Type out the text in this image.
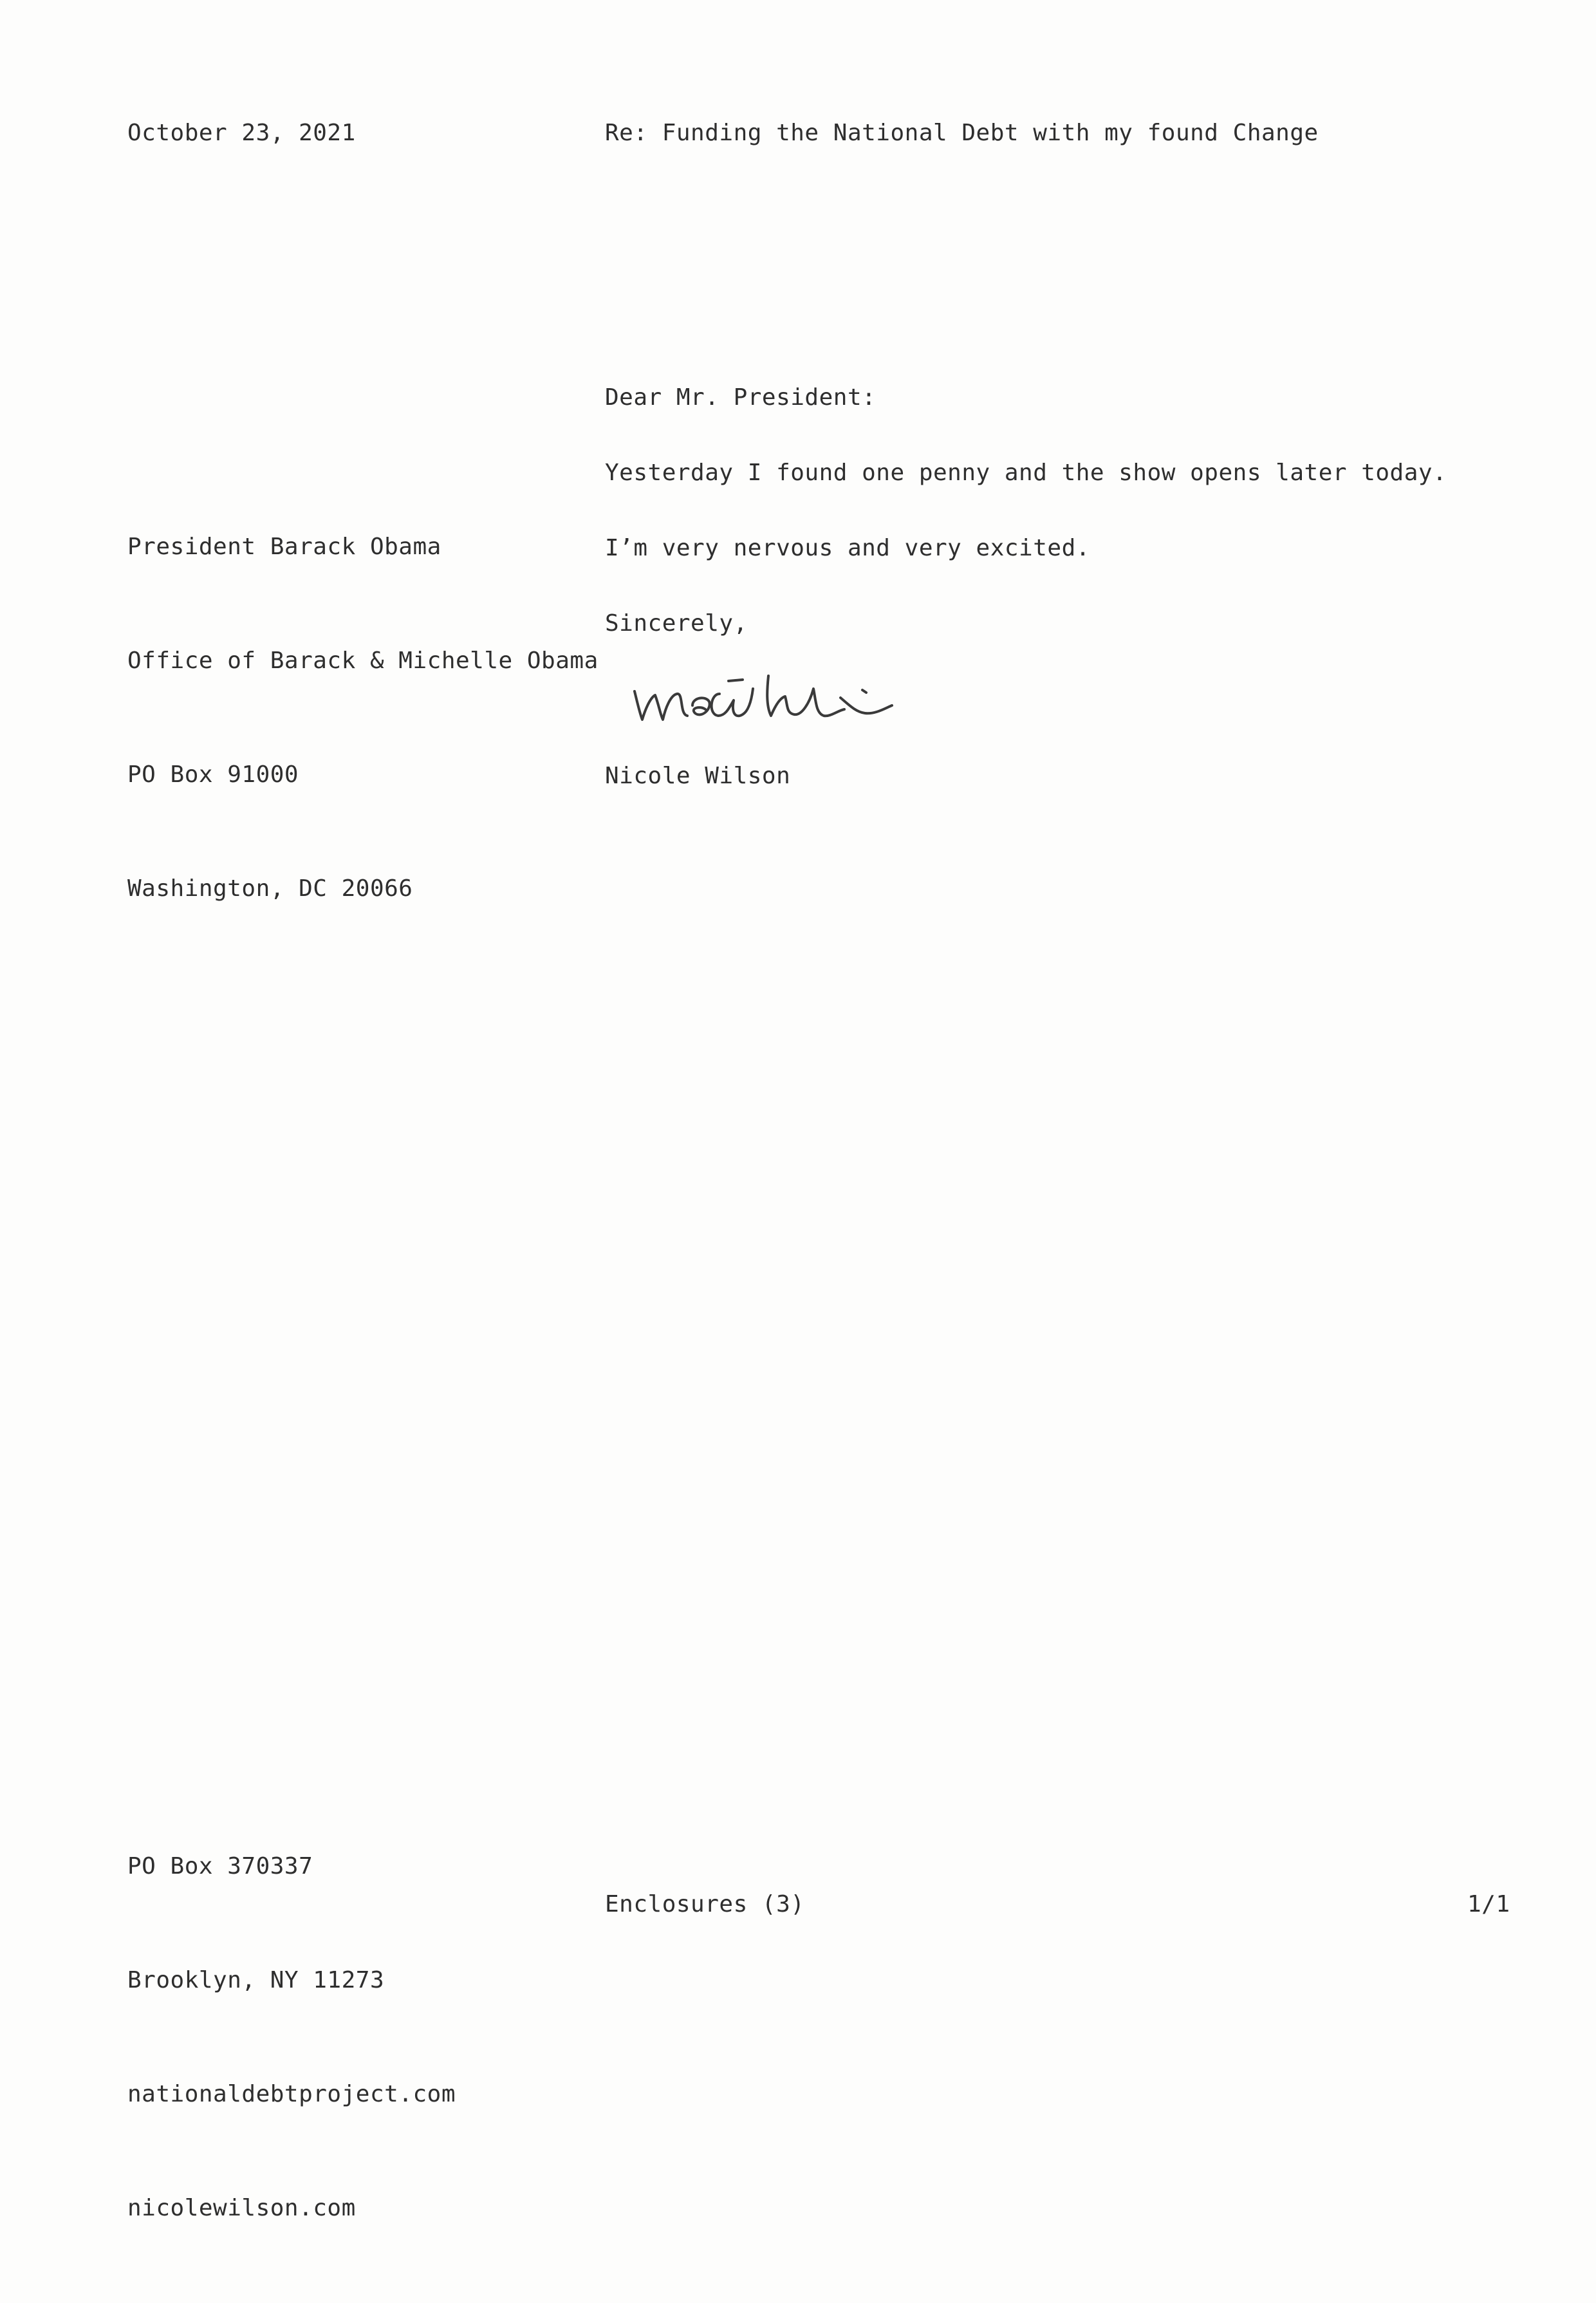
October 23, 2021	Re: Funding the National Debt with my found Change
Dear Mr. President:

President Barack Obama

Office of Barack & Michelle Obama

PO Box 91000

Washington, DC 20066

Yesterday I found one penny and the show opens later today.
I’m very nervous and very excited.
Sincerely,
Nicole Wilson

PO Box 370337

Brooklyn, NY 11273

nationaldebtproject.com

nicolewilson.com

Enclosures (3)	1/1
